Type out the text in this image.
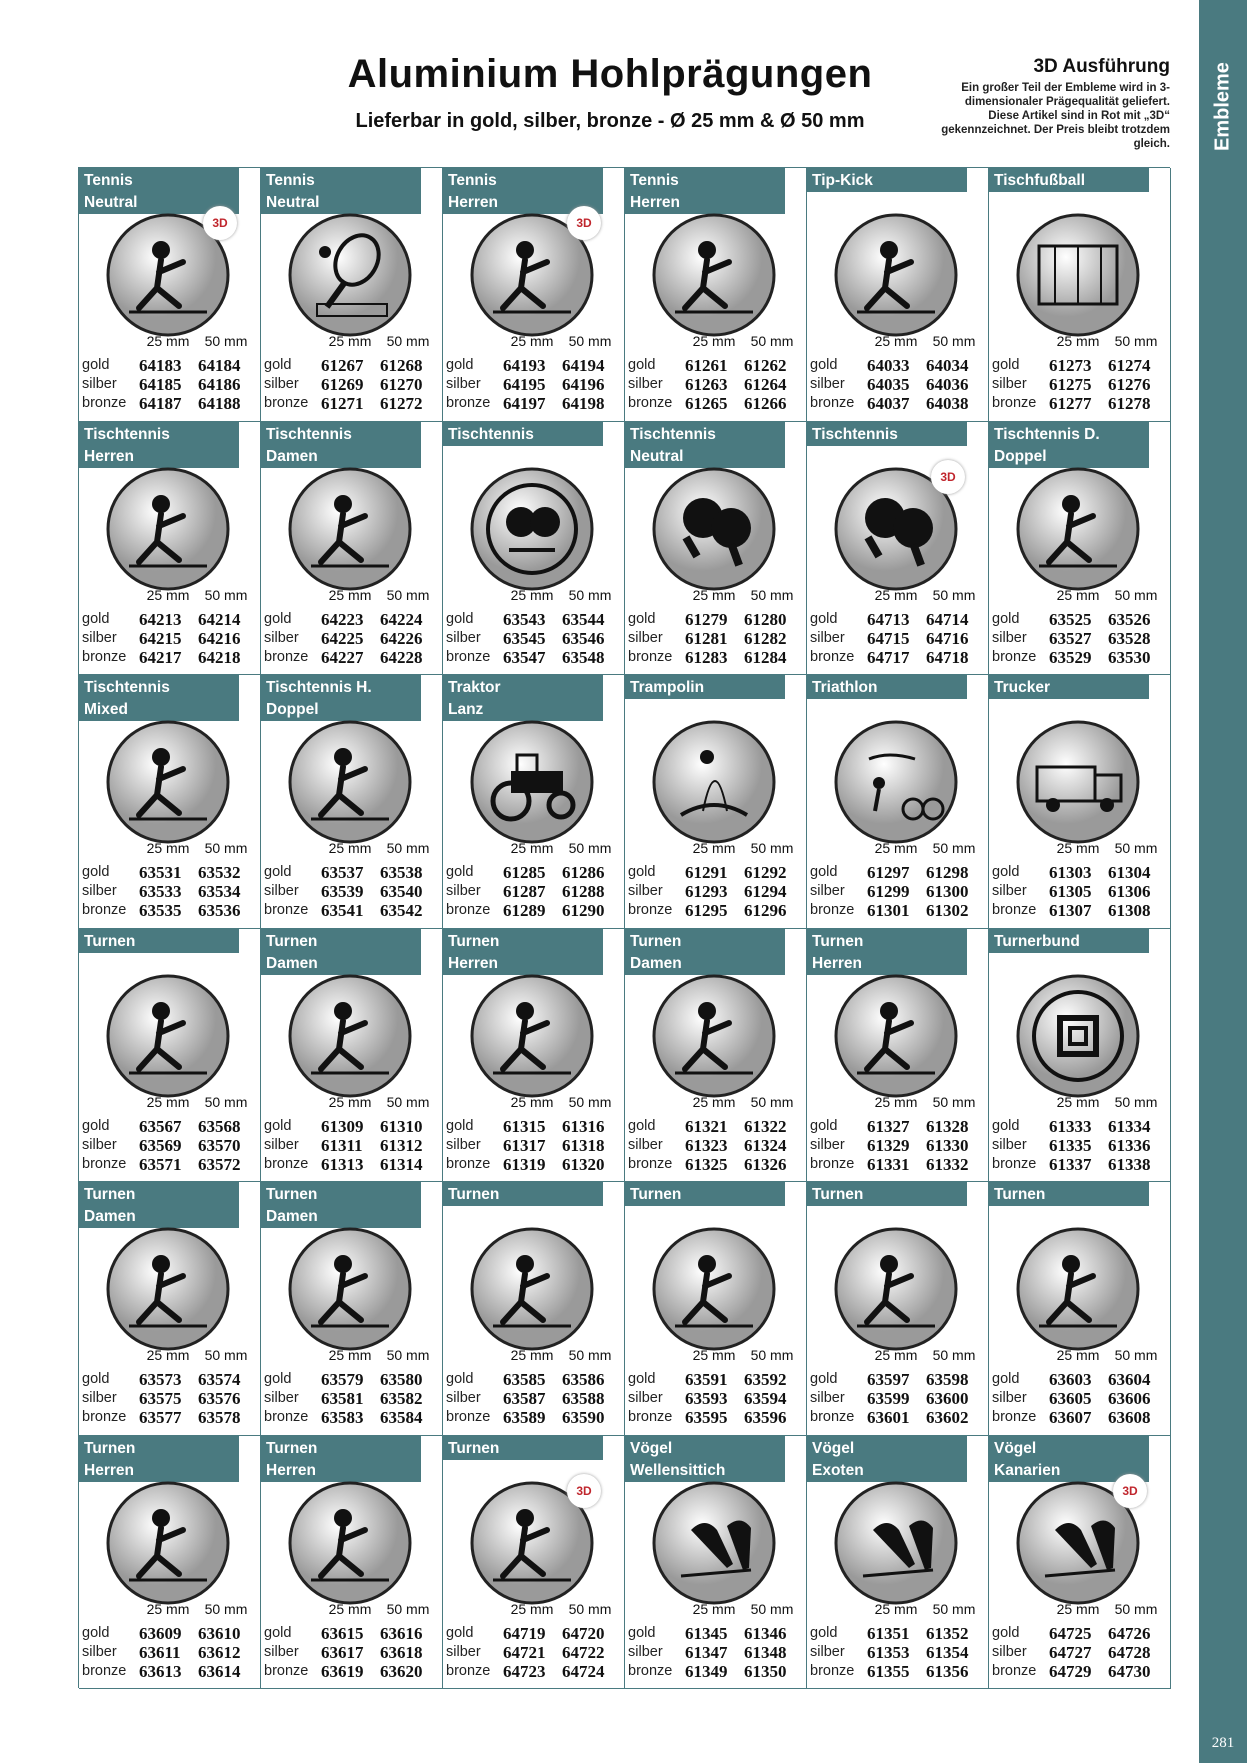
Embleme
281
Aluminium Hohlprägungen
Lieferbar in gold, silber, bronze - Ø 25 mm & Ø 50 mm
3D Ausführung
Ein großer Teil der Embleme wird in 3-dimensionaler Prägequalität geliefert. Diese Artikel sind in Rot mit „3D“ gekennzeichnet. Der Preis bleibt trotzdem gleich.
Tennis
Neutral
3D
25 mm 50 mm
gold	64183 64184
silber	64185 64186
bronze 64187 64188
Tennis
Neutral
25 mm 50 mm
gold	61267 61268
silber	61269 61270
bronze 61271 61272
Tennis
Herren
3D
25 mm 50 mm
gold	64193 64194
silber	64195 64196
bronze 64197 64198
Tennis
Herren
25 mm 50 mm
gold	61261 61262
silber	61263 61264
bronze 61265 61266
Tip-Kick
25 mm 50 mm
gold	64033 64034
silber	64035 64036
bronze 64037 64038
Tischfußball
25 mm 50 mm
gold	61273 61274
silber	61275 61276
bronze 61277 61278
Tischtennis
Herren
25 mm 50 mm
gold	64213 64214
silber	64215 64216
bronze 64217 64218
Tischtennis
Damen
25 mm 50 mm
gold	64223 64224
silber	64225 64226
bronze 64227 64228
Tischtennis
25 mm 50 mm
gold	63543 63544
silber	63545 63546
bronze 63547 63548
Tischtennis
Neutral
25 mm 50 mm
gold	61279 61280
silber	61281 61282
bronze 61283 61284
Tischtennis
3D
25 mm 50 mm
gold	64713 64714
silber	64715 64716
bronze 64717 64718
Tischtennis D.
Doppel
25 mm 50 mm
gold	63525 63526
silber	63527 63528
bronze 63529 63530
Tischtennis
Mixed
25 mm 50 mm
gold	63531 63532
silber	63533 63534
bronze 63535 63536
Tischtennis H.
Doppel
25 mm 50 mm
gold	63537 63538
silber	63539 63540
bronze 63541 63542
Traktor
Lanz
25 mm 50 mm
gold	61285 61286
silber	61287 61288
bronze 61289 61290
Trampolin
25 mm 50 mm
gold	61291 61292
silber	61293 61294
bronze 61295 61296
Triathlon
25 mm 50 mm
gold	61297 61298
silber	61299 61300
bronze 61301 61302
Trucker
25 mm 50 mm
gold	61303 61304
silber	61305 61306
bronze 61307 61308
Turnen
25 mm 50 mm
gold	63567 63568
silber	63569 63570
bronze 63571 63572
Turnen
Damen
25 mm 50 mm
gold	61309 61310
silber	61311	61312
bronze 61313 61314
Turnen
Herren
25 mm 50 mm
gold	61315 61316
silber	61317 61318
bronze 61319 61320
Turnen
Damen
25 mm 50 mm
gold	61321 61322
silber	61323 61324
bronze 61325 61326
Turnen
Herren
25 mm 50 mm
gold	61327 61328
silber	61329 61330
bronze 61331 61332
Turnerbund
25 mm 50 mm
gold	61333 61334
silber	61335 61336
bronze 61337 61338
Turnen
Damen
25 mm 50 mm
gold	63573 63574
silber	63575 63576
bronze 63577 63578
Turnen
Damen
25 mm 50 mm
gold	63579 63580
silber	63581 63582
bronze 63583 63584
Turnen
25 mm 50 mm
gold	63585 63586
silber	63587 63588
bronze 63589 63590
Turnen
25 mm 50 mm
gold	63591 63592
silber	63593 63594
bronze 63595 63596
Turnen
25 mm 50 mm
gold	63597 63598
silber	63599 63600
bronze 63601 63602
Turnen
25 mm 50 mm
gold	63603 63604
silber	63605 63606
bronze 63607 63608
Turnen
Herren
25 mm 50 mm
gold	63609 63610
silber	63611	63612
bronze 63613 63614
Turnen
Herren
25 mm 50 mm
gold	63615 63616
silber	63617 63618
bronze 63619 63620
Turnen
3D
25 mm 50 mm
gold	64719 64720
silber	64721 64722
bronze 64723 64724
Vögel
Wellensittich
25 mm 50 mm
gold	61345 61346
silber	61347 61348
bronze 61349 61350
Vögel
Exoten
25 mm 50 mm
gold	61351 61352
silber	61353 61354
bronze 61355 61356
Vögel
Kanarien
3D
25 mm 50 mm
gold	64725 64726
silber	64727 64728
bronze 64729 64730
